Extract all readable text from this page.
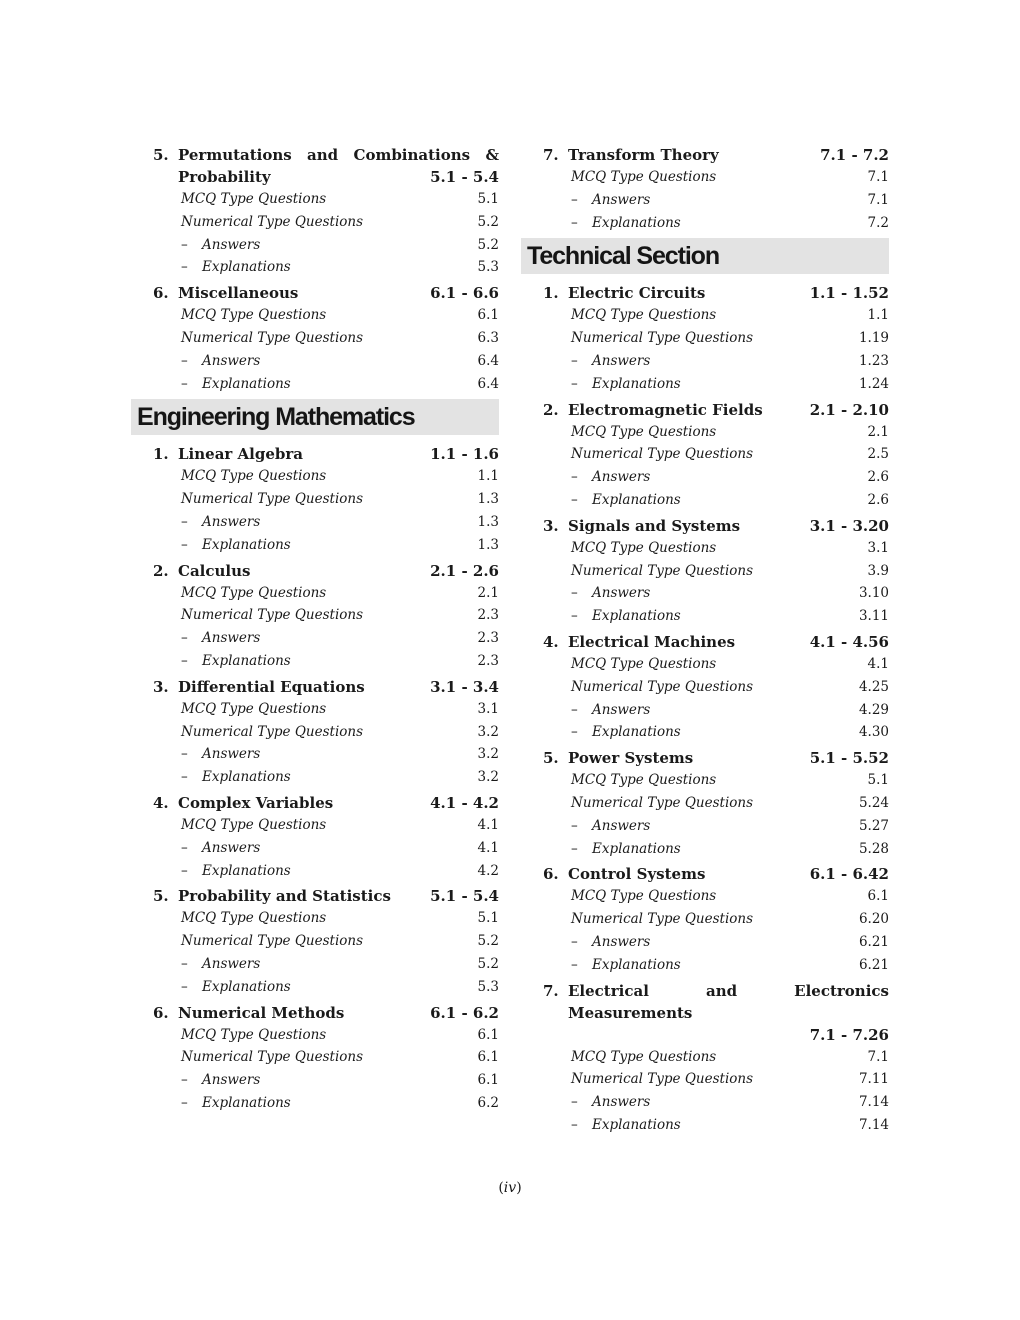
5. Permutations and Combinations &
Probability	5.1 - 5.4
MCQ Type Questions	5.1
Numerical Type Questions	5.2
– Answers	5.2
– Explanations	5.3
6. Miscellaneous	6.1 - 6.6
MCQ Type Questions	6.1
Numerical Type Questions	6.3
– Answers	6.4
– Explanations	6.4
Engineering Mathematics
1. Linear Algebra	1.1 - 1.6
MCQ Type Questions	1.1
Numerical Type Questions	1.3
– Answers	1.3
– Explanations	1.3
2. Calculus	2.1 - 2.6
MCQ Type Questions	2.1
Numerical Type Questions	2.3
– Answers	2.3
– Explanations	2.3
3. Differential Equations	3.1 - 3.4
MCQ Type Questions	3.1
Numerical Type Questions	3.2
– Answers	3.2
– Explanations	3.2
4. Complex Variables	4.1 - 4.2
MCQ Type Questions	4.1
– Answers	4.1
– Explanations	4.2
5. Probability and Statistics	5.1 - 5.4
MCQ Type Questions	5.1
Numerical Type Questions	5.2
– Answers	5.2
– Explanations	5.3
6. Numerical Methods	6.1 - 6.2
MCQ Type Questions	6.1
Numerical Type Questions	6.1
– Answers	6.1
– Explanations	6.2
7. Transform Theory	7.1 - 7.2
MCQ Type Questions	7.1
– Answers	7.1
– Explanations	7.2
Technical Section
1. Electric Circuits	1.1 - 1.52
MCQ Type Questions	1.1
Numerical Type Questions	1.19
– Answers	1.23
– Explanations	1.24
2. Electromagnetic Fields	2.1 - 2.10
MCQ Type Questions	2.1
Numerical Type Questions	2.5
– Answers	2.6
– Explanations	2.6
3. Signals and Systems	3.1 - 3.20
MCQ Type Questions	3.1
Numerical Type Questions	3.9
– Answers	3.10
– Explanations	3.11
4. Electrical Machines	4.1 - 4.56
MCQ Type Questions	4.1
Numerical Type Questions	4.25
– Answers	4.29
– Explanations	4.30
5. Power Systems	5.1 - 5.52
MCQ Type Questions	5.1
Numerical Type Questions	5.24
– Answers	5.27
– Explanations	5.28
6. Control Systems	6.1 - 6.42
MCQ Type Questions	6.1
Numerical Type Questions	6.20
– Answers	6.21
– Explanations	6.21
7. Electrical and Electronics Measurements
7.1 - 7.26
MCQ Type Questions	7.1
Numerical Type Questions	7.11
– Answers	7.14
– Explanations	7.14
(iv)
